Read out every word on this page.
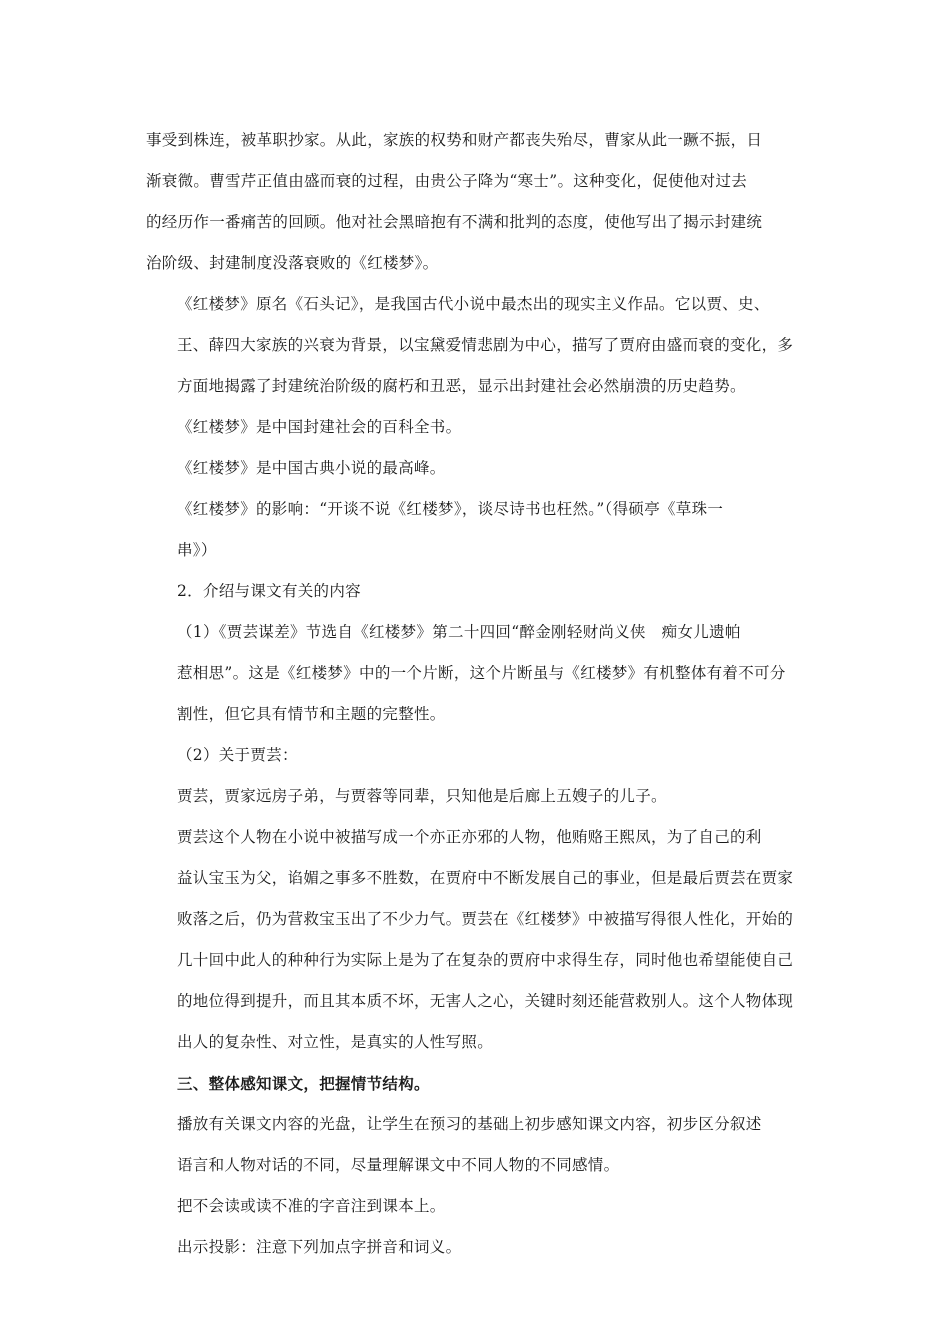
事受到株连，被革职抄家。从此，家族的权势和财产都丧失殆尽，曹家从此一蹶不振，日
渐衰微。曹雪芹正值由盛而衰的过程，由贵公子降为“寒士”。这种变化，促使他对过去
的经历作一番痛苦的回顾。他对社会黑暗抱有不满和批判的态度，使他写出了揭示封建统
治阶级、封建制度没落衰败的《红楼梦》。
《红楼梦》原名《石头记》，是我国古代小说中最杰出的现实主义作品。它以贾、史、
王、薛四大家族的兴衰为背景，以宝黛爱情悲剧为中心，描写了贾府由盛而衰的变化，多
方面地揭露了封建统治阶级的腐朽和丑恶，显示出封建社会必然崩溃的历史趋势。
《红楼梦》是中国封建社会的百科全书。
《红楼梦》是中国古典小说的最高峰。
《红楼梦》的影响：“开谈不说《红楼梦》，谈尽诗书也枉然。”（得硕亭《草珠一
串》）
2．介绍与课文有关的内容
（1）《贾芸谋差》节选自《红楼梦》第二十四回“醉金刚轻财尚义侠　痴女儿遗帕
惹相思”。这是《红楼梦》中的一个片断，这个片断虽与《红楼梦》有机整体有着不可分
割性，但它具有情节和主题的完整性。
（2）关于贾芸：
贾芸，贾家远房子弟，与贾蓉等同辈，只知他是后廊上五嫂子的儿子。
贾芸这个人物在小说中被描写成一个亦正亦邪的人物，他贿赂王熙凤，为了自己的利
益认宝玉为父，谄媚之事多不胜数，在贾府中不断发展自己的事业，但是最后贾芸在贾家
败落之后，仍为营救宝玉出了不少力气。贾芸在《红楼梦》中被描写得很人性化，开始的
几十回中此人的种种行为实际上是为了在复杂的贾府中求得生存，同时他也希望能使自己
的地位得到提升，而且其本质不坏，无害人之心，关键时刻还能营救别人。这个人物体现
出人的复杂性、对立性，是真实的人性写照。
三、整体感知课文，把握情节结构。
播放有关课文内容的光盘，让学生在预习的基础上初步感知课文内容，初步区分叙述
语言和人物对话的不同，尽量理解课文中不同人物的不同感情。
把不会读或读不准的字音注到课本上。
出示投影：注意下列加点字拼音和词义。
